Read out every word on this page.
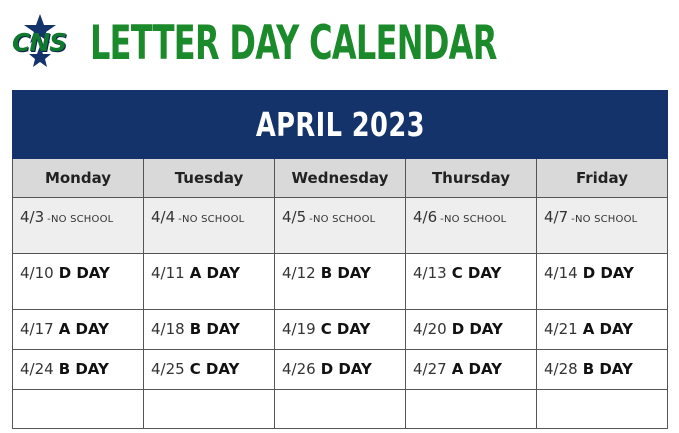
CNS LETTER DAY CALENDAR
APRIL 2023				
Monday	Tuesday	Wednesday	Thursday	Friday
4/3 -NO SCHOOL	4/4 -NO SCHOOL	4/5 -NO SCHOOL	4/6 -NO SCHOOL	4/7 -NO SCHOOL
4/10 D DAY	4/11 A DAY	4/12 B DAY	4/13 C DAY	4/14 D DAY
4/17 A DAY	4/18 B DAY	4/19 C DAY	4/20 D DAY	4/21 A DAY
4/24 B DAY	4/25 C DAY	4/26 D DAY	4/27 A DAY	4/28 B DAY
